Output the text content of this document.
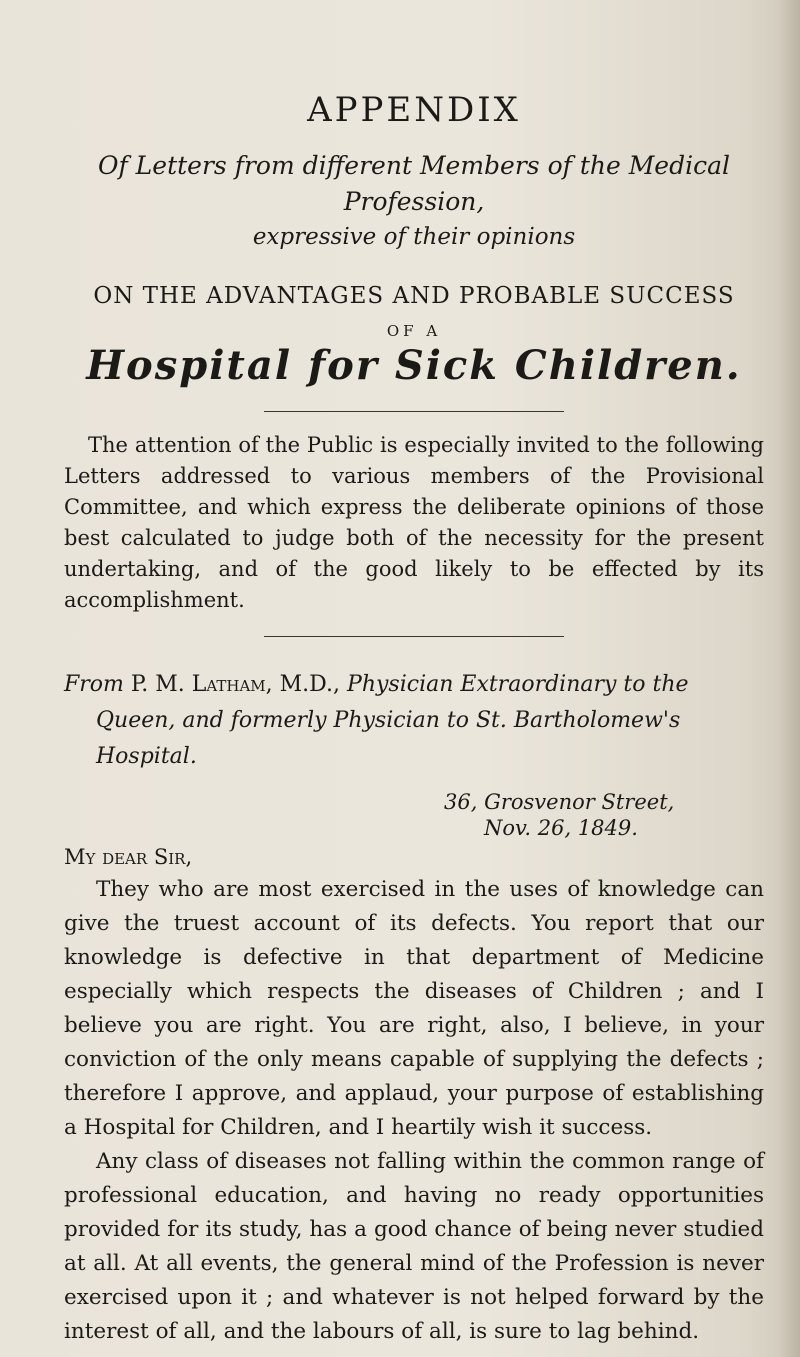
APPENDIX

Of Letters from different Members of the Medical Profession,

expressive of their opinions

ON THE ADVANTAGES AND PROBABLE SUCCESS

OF A

Hospital for Sick Children.

The attention of the Public is especially invited to the following Letters addressed to various members of the Provisional Committee, and which express the deliberate opinions of those best calculated to judge both of the necessity for the present undertaking, and of the good likely to be effected by its accomplishment.

From P. M. Latham, M.D., Physician Extraordinary to the Queen, and formerly Physician to St. Bartholomew's Hospital.

36, Grosvenor Street,
Nov. 26, 1849.

My dear Sir,

They who are most exercised in the uses of knowledge can give the truest account of its defects. You report that our knowledge is defective in that department of Medicine especially which respects the diseases of Children ; and I believe you are right. You are right, also, I believe, in your conviction of the only means capable of supplying the defects ; therefore I approve, and applaud, your purpose of establishing a Hospital for Children, and I heartily wish it success.

Any class of diseases not falling within the common range of professional education, and having no ready opportunities provided for its study, has a good chance of being never studied at all. At all events, the general mind of the Profession is never exercised upon it ; and whatever is not helped forward by the interest of all, and the labours of all, is sure to lag behind.
